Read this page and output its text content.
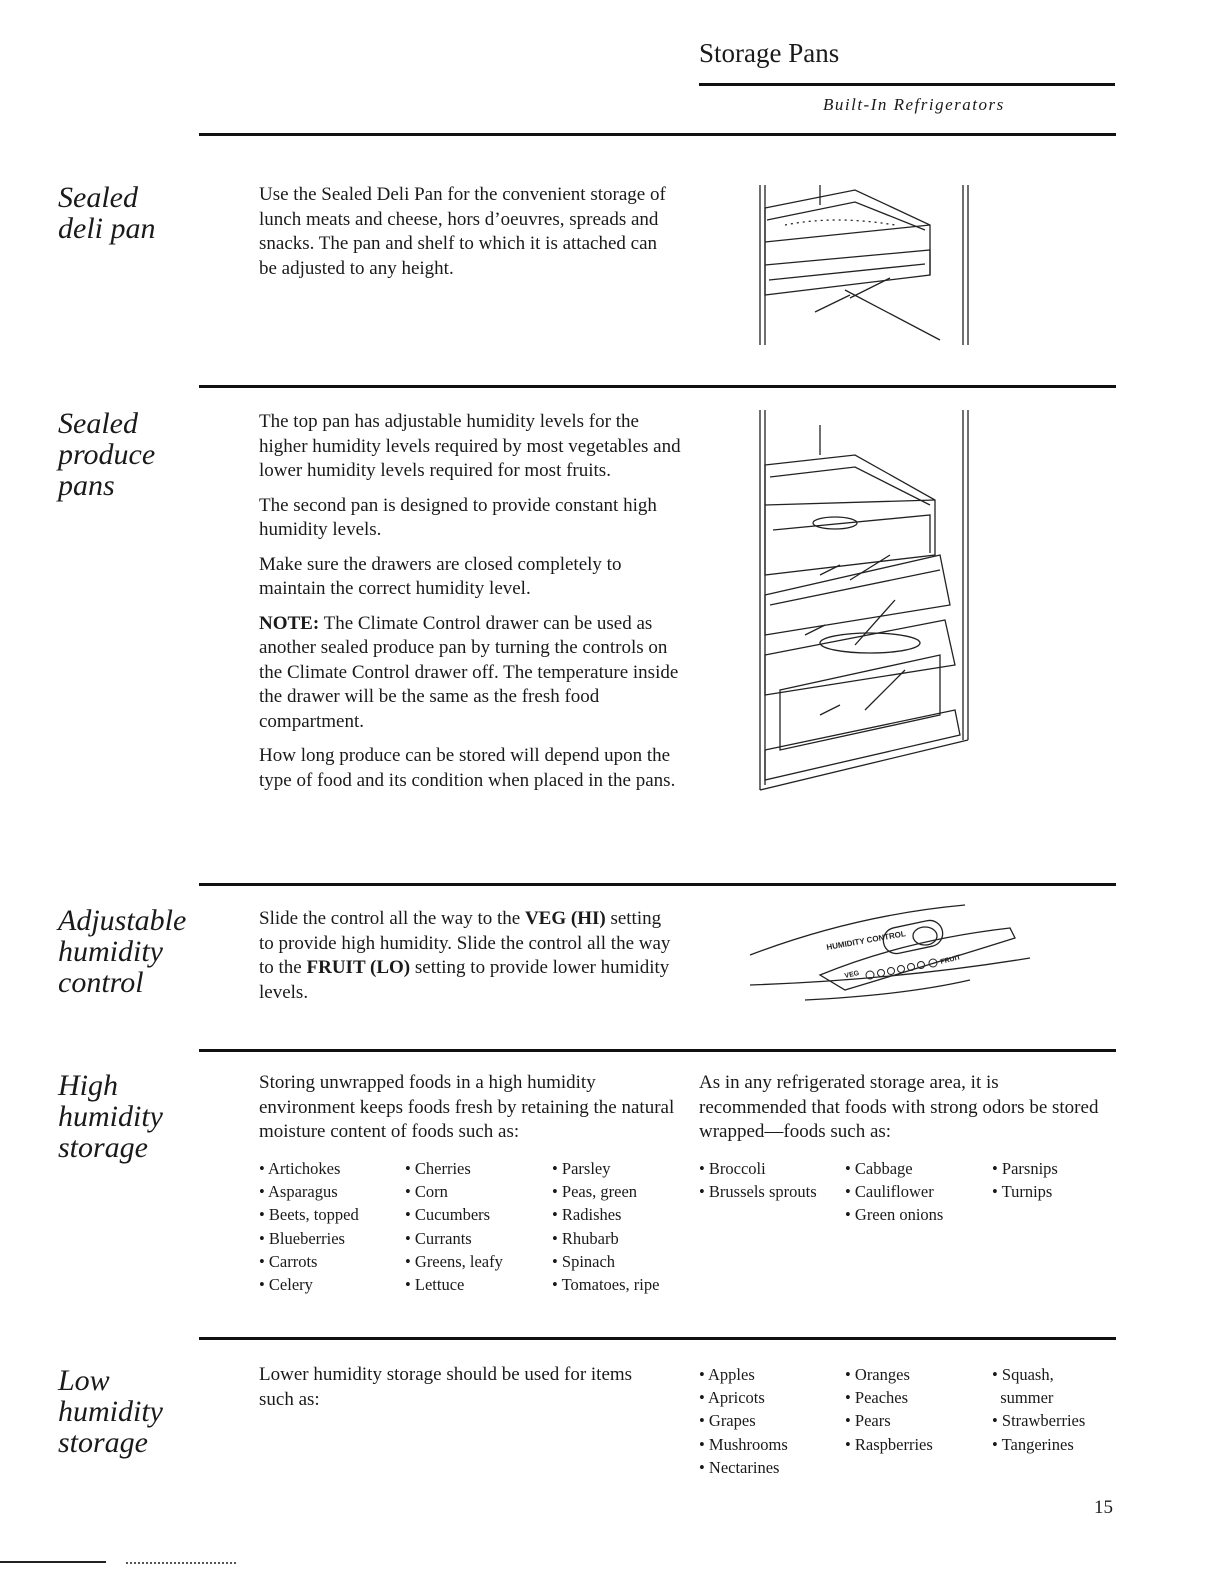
Storage Pans
Built-In Refrigerators
Sealed
deli pan

Use the Sealed Deli Pan for the convenient storage of lunch meats and cheese, hors d’oeuvres, spreads and snacks. The pan and shelf to which it is attached can be adjusted to any height.

Sealed
produce
pans

The top pan has adjustable humidity levels for the higher humidity levels required by most vegetables and lower humidity levels required for most fruits.

The second pan is designed to provide constant high humidity levels.

Make sure the drawers are closed completely to maintain the correct humidity level.

NOTE: The Climate Control drawer can be used as another sealed produce pan by turning the controls on the Climate Control drawer off. The temperature inside the drawer will be the same as the fresh food compartment.

How long produce can be stored will depend upon the type of food and its condition when placed in the pans.

Adjustable
humidity
control

Slide the control all the way to the VEG (HI) setting to provide high humidity. Slide the control all the way to the FRUIT (LO) setting to provide lower humidity levels.

HUMIDITY CONTROL
VEG
FRUIT
High
humidity
storage

Storing unwrapped foods in a high humidity environment keeps foods fresh by retaining the natural moisture content of foods such as:

• Artichokes
• Asparagus
• Beets, topped
• Blueberries
• Carrots
• Celery
• Cherries
• Corn
• Cucumbers
• Currants
• Greens, leafy
• Lettuce
• Parsley
• Peas, green
• Radishes
• Rhubarb
• Spinach
• Tomatoes, ripe

As in any refrigerated storage area, it is recommended that foods with strong odors be stored wrapped—foods such as:

• Broccoli
• Brussels sprouts
• Cabbage
• Cauliflower
• Green onions
• Parsnips
• Turnips
Low
humidity
storage

Lower humidity storage should be used for items such as:

• Apples
• Apricots
• Grapes
• Mushrooms
• Nectarines
• Oranges
• Peaches
• Pears
• Raspberries
• Squash,
summer
• Strawberries
• Tangerines
15
